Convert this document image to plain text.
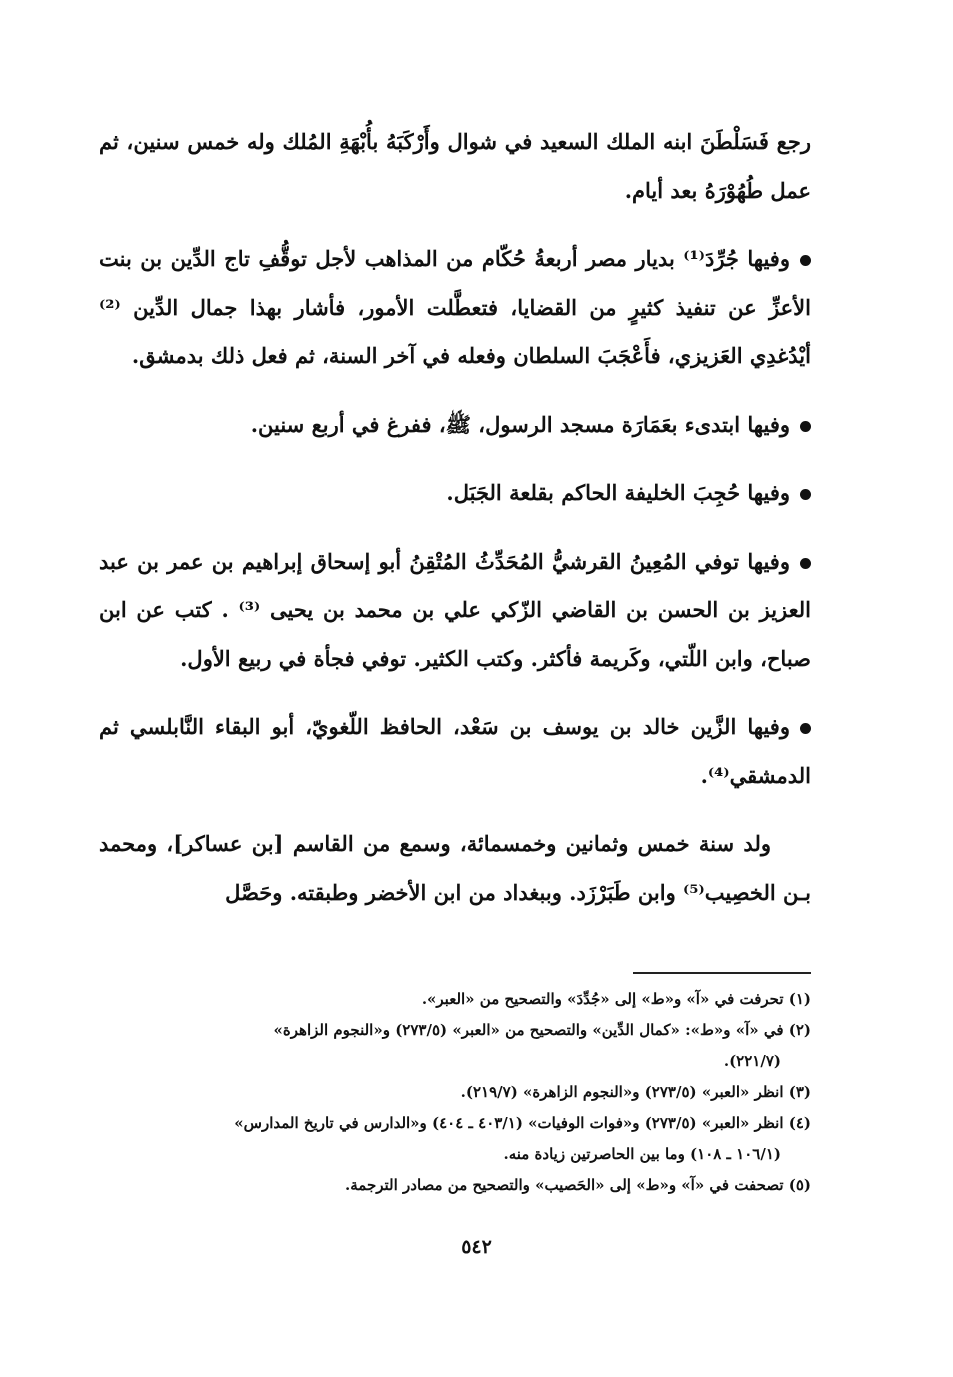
رجع فَسَلْطَنَ ابنه الملك السعيد في شوال وأَرْكَبَهُ بأُبْهَةِ المُلك وله خمس سنين، ثم عمل طُهُوْرَهُ بعد أيام.

وفيها جُرِّدَ⁽¹⁾ بديار مصر أربعةُ حُكّام من المذاهب لأجل توقُّفِ تاج الدِّين بن بنت الأعزِّ عن تنفيذ كثيرٍ من القضايا، فتعطَّلت الأمور، فأشار بهذا جمال الدِّين ⁽²⁾ أيْدُغدِي العَزيزي، فأَعْجَبَ السلطان وفعله في آخر السنة، ثم فعل ذلك بدمشق.

وفيها ابتدىء بعَمَارَة مسجد الرسول، ﷺ، ففرغ في أربع سنين.

وفيها حُجِبَ الخليفة الحاكم بقلعة الجَبَل.

وفيها توفي المُعِينُ القرشيُّ المُحَدِّثُ المُتْقِنُ أبو إسحاق إبراهيم بن عمر بن عبد العزيز بن الحسن بن القاضي الزّكي علي بن محمد بن يحيى ⁽³⁾ . كتب عن ابن صباح، وابن اللّتي، وكَريمة فأكثر. وكتب الكثير. توفي فجأة في ربيع الأول.

وفيها الزَّين خالد بن يوسف بن سَعْد، الحافظ اللّغويّ، أبو البقاء النَّابلسي ثم الدمشقي⁽⁴⁾.

ولد سنة خمس وثمانين وخمسمائة، وسمع من القاسم [بن عساكر]، ومحمد بـن الخصِيب⁽⁵⁾ وابن طَبَرْزَد. وببغداد من ابن الأخضر وطبقته. وحَصَّل

(١) تحرفت في «آ» و«ط» إلى «جُدِّدَ» والتصحيح من «العبر».

(٢) في «آ» و«ط»: «كمال الدِّين» والتصحيح من «العبر» (٢٧٣/٥) و«النجوم الزاهرة»

(٢٢١/٧).

(٣) انظر «العبر» (٢٧٣/٥) و«النجوم الزاهرة» (٢١٩/٧).

(٤) انظر «العبر» (٢٧٣/٥) و«فوات الوفيات» (٤٠٣/١ ـ ٤٠٤) و«الدارس في تاريخ المدارس»

(١٠٦/١ ـ ١٠٨) وما بين الحاصرتين زيادة منه.

(٥) تصحفت في «آ» و«ط» إلى «الحَصيب» والتصحيح من مصادر الترجمة.

٥٤٢
